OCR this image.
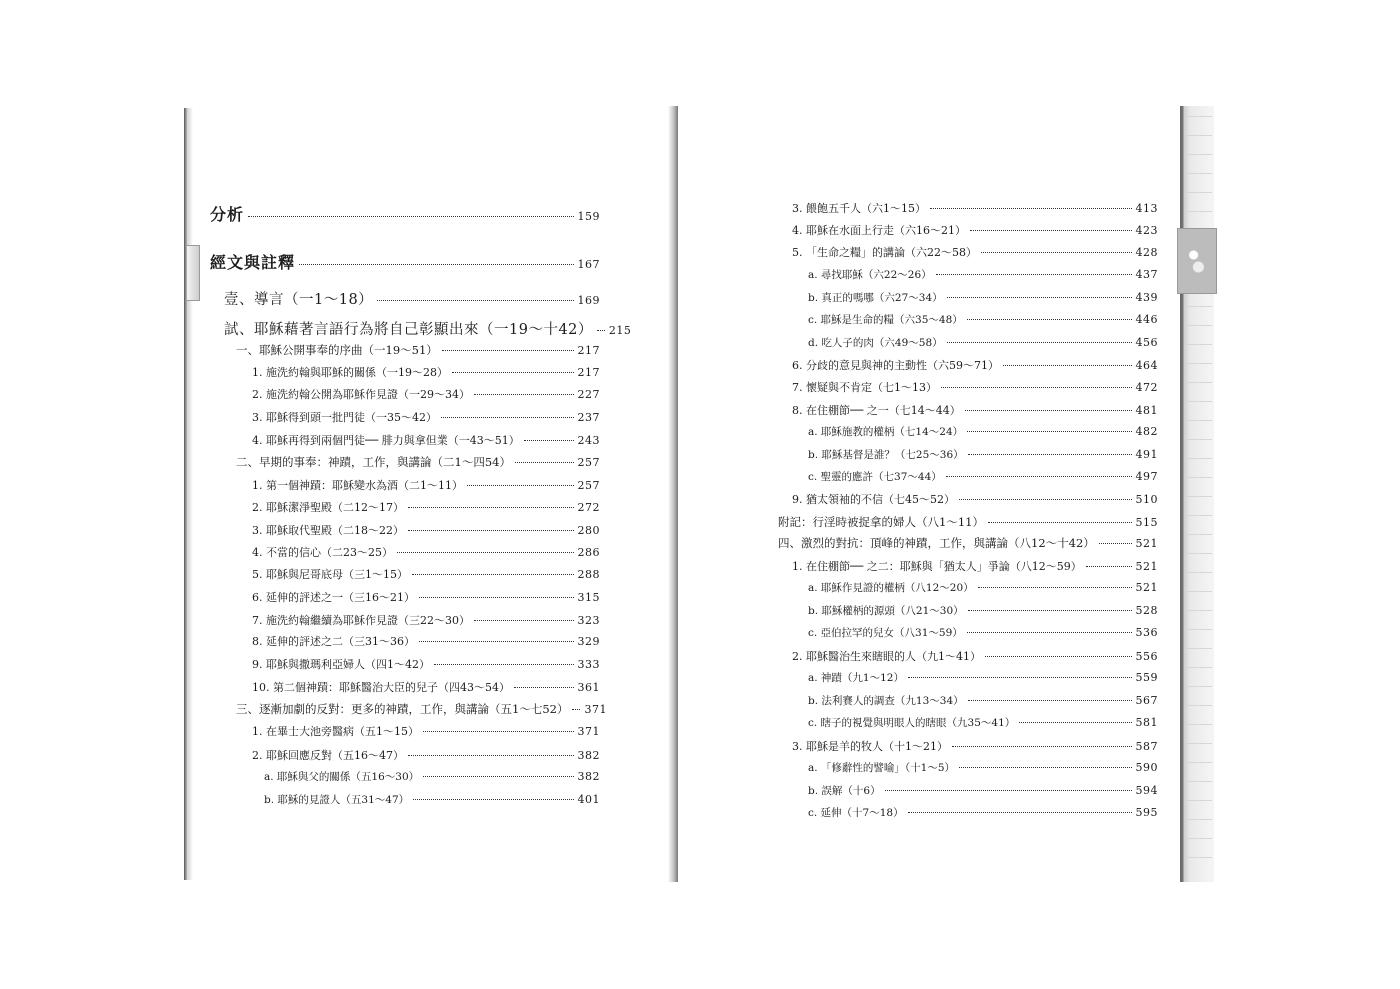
分析	159
經文與註釋	167
壹、導言（一1～18）	169
試、耶穌藉著言語行為將自己彰顯出來（一19～十42） 215
一、耶穌公開事奉的序曲（一19～51）	217
1. 施洗約翰與耶穌的關係（一19～28）	217
2. 施洗約翰公開為耶穌作見證（一29～34）	227
3. 耶穌得到頭一批門徒（一35～42）	237
4. 耶穌再得到兩個門徒── 腓力與拿但業（一43～51）	243
二、早期的事奉：神蹟，工作，與講論（二1～四54）	257
1. 第一個神蹟：耶穌變水為酒（二1～11）	257
2. 耶穌潔淨聖殿（二12～17）	272
3. 耶穌取代聖殿（二18～22）	280
4. 不當的信心（二23～25）	286
5. 耶穌與尼哥底母（三1～15）	288
6. 延伸的評述之一（三16～21）	315
7. 施洗約翰繼續為耶穌作見證（三22～30）	323
8. 延伸的評述之二（三31～36）	329
9. 耶穌與撒瑪利亞婦人（四1～42）	333
10. 第二個神蹟：耶穌醫治大臣的兒子（四43～54）	361
三、逐漸加劇的反對：更多的神蹟，工作，與講論（五1～七52） 371
1. 在畢士大池旁醫病（五1～15）	371
2. 耶穌回應反對（五16～47）	382
a. 耶穌與父的關係（五16～30）	382
b. 耶穌的見證人（五31～47）	401
3. 餵飽五千人（六1～15）	413
4. 耶穌在水面上行走（六16～21）	423
5. 「生命之糧」的講論（六22～58）	428
a. 尋找耶穌（六22～26）	437
b. 真正的嗎哪（六27～34）	439
c. 耶穌是生命的糧（六35～48）	446
d. 吃人子的肉（六49～58）	456
6. 分歧的意見與神的主動性（六59～71）	464
7. 懷疑與不肯定（七1～13）	472
8. 在住棚節── 之一（七14～44）	481
a. 耶穌施教的權柄（七14～24）	482
b. 耶穌基督是誰？（七25～36）	491
c. 聖靈的應許（七37～44）	497
9. 猶太領袖的不信（七45～52）	510
附記：行淫時被捉拿的婦人（八1～11）	515
四、激烈的對抗：頂峰的神蹟，工作，與講論（八12～十42）	521
1. 在住棚節── 之二：耶穌與「猶太人」爭論（八12～59）	521
a. 耶穌作見證的權柄（八12～20）	521
b. 耶穌權柄的源頭（八21～30）	528
c. 亞伯拉罕的兒女（八31～59）	536
2. 耶穌醫治生來瞎眼的人（九1～41）	556
a. 神蹟（九1～12）	559
b. 法利賽人的調查（九13～34）	567
c. 瞎子的視覺與明眼人的瞎眼（九35～41）	581
3. 耶穌是羊的牧人（十1～21）	587
a. 「修辭性的譬喻」（十1～5）	590
b. 誤解（十6）	594
c. 延伸（十7～18）	595
